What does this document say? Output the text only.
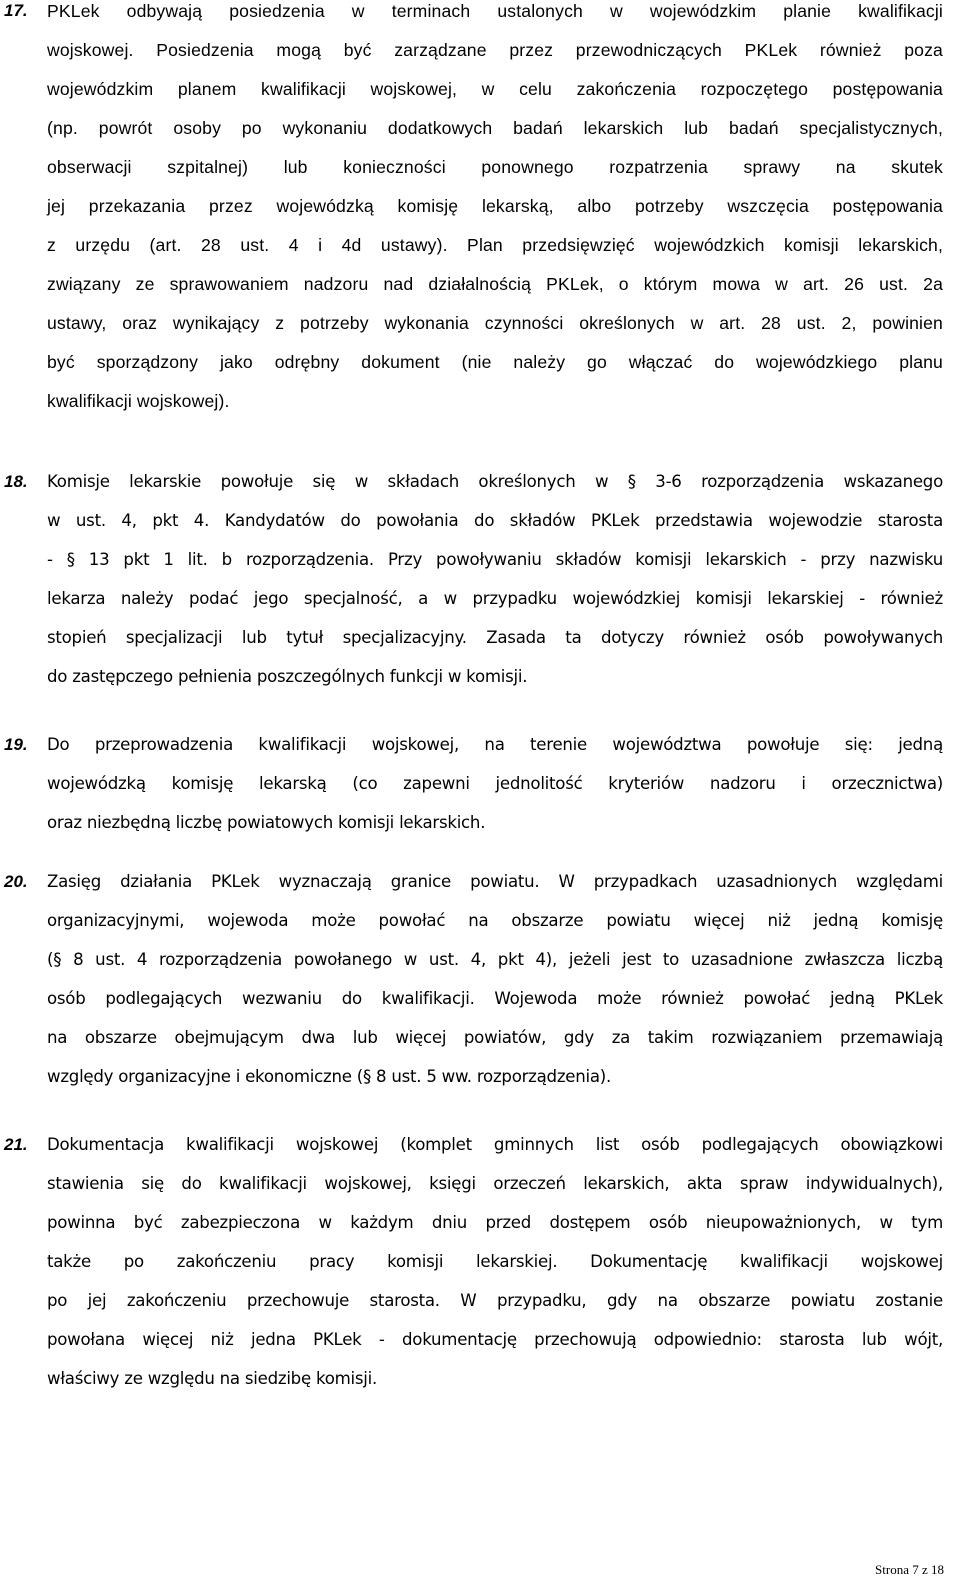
17. PKLek odbywają posiedzenia w terminach ustalonych w wojewódzkim planie kwalifikacji
wojskowej. Posiedzenia mogą być zarządzane przez przewodniczących PKLek również poza
wojewódzkim planem kwalifikacji wojskowej, w celu zakończenia rozpoczętego postępowania
(np. powrót osoby po wykonaniu dodatkowych badań lekarskich lub badań specjalistycznych,
obserwacji szpitalnej) lub konieczności ponownego rozpatrzenia sprawy na skutek
jej przekazania przez wojewódzką komisję lekarską, albo potrzeby wszczęcia postępowania
z urzędu (art. 28 ust. 4 i 4d ustawy). Plan przedsięwzięć wojewódzkich komisji lekarskich,
związany ze sprawowaniem nadzoru nad działalnością PKLek, o którym mowa w art. 26 ust. 2a
ustawy, oraz wynikający z potrzeby wykonania czynności określonych w art. 28 ust. 2, powinien
być sporządzony jako odrębny dokument (nie należy go włączać do wojewódzkiego planu
kwalifikacji wojskowej).
18. Komisje lekarskie powołuje się w składach określonych w § 3-6 rozporządzenia wskazanego
w ust. 4, pkt 4. Kandydatów do powołania do składów PKLek przedstawia wojewodzie starosta
- § 13 pkt 1 lit. b rozporządzenia. Przy powoływaniu składów komisji lekarskich - przy nazwisku
lekarza należy podać jego specjalność, a w przypadku wojewódzkiej komisji lekarskiej - również
stopień specjalizacji lub tytuł specjalizacyjny. Zasada ta dotyczy również osób powoływanych
do zastępczego pełnienia poszczególnych funkcji w komisji.
19. Do przeprowadzenia kwalifikacji wojskowej, na terenie województwa powołuje się: jedną
wojewódzką komisję lekarską (co zapewni jednolitość kryteriów nadzoru i orzecznictwa)
oraz niezbędną liczbę powiatowych komisji lekarskich.
20. Zasięg działania PKLek wyznaczają granice powiatu. W przypadkach uzasadnionych względami
organizacyjnymi, wojewoda może powołać na obszarze powiatu więcej niż jedną komisję
(§ 8 ust. 4 rozporządzenia powołanego w ust. 4, pkt 4), jeżeli jest to uzasadnione zwłaszcza liczbą
osób podlegających wezwaniu do kwalifikacji. Wojewoda może również powołać jedną PKLek
na obszarze obejmującym dwa lub więcej powiatów, gdy za takim rozwiązaniem przemawiają
względy organizacyjne i ekonomiczne (§ 8 ust. 5 ww. rozporządzenia).
21. Dokumentacja kwalifikacji wojskowej (komplet gminnych list osób podlegających obowiązkowi
stawienia się do kwalifikacji wojskowej, księgi orzeczeń lekarskich, akta spraw indywidualnych),
powinna być zabezpieczona w każdym dniu przed dostępem osób nieupoważnionych, w tym
także po zakończeniu pracy komisji lekarskiej. Dokumentację kwalifikacji wojskowej
po jej zakończeniu przechowuje starosta. W przypadku, gdy na obszarze powiatu zostanie
powołana więcej niż jedna PKLek - dokumentację przechowują odpowiednio: starosta lub wójt,
właściwy ze względu na siedzibę komisji.
Strona 7 z 18
